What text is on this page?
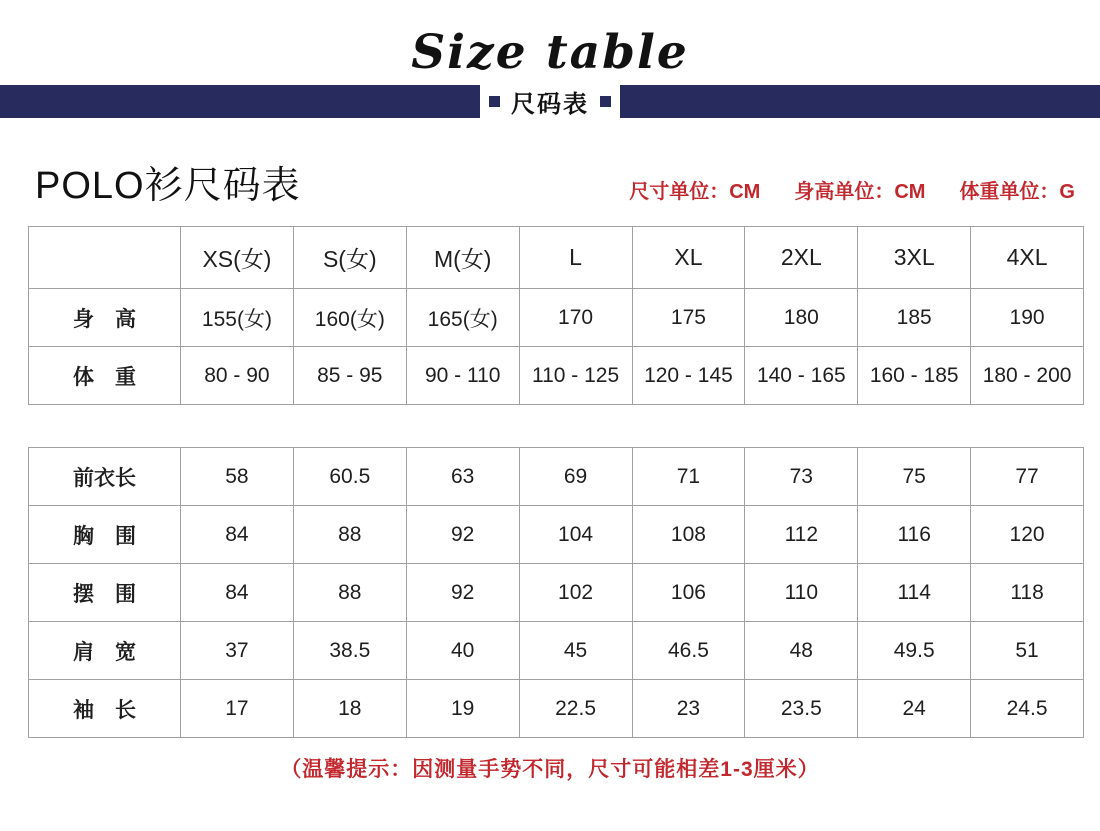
Size table
尺码表
POLO衫尺码表	尺寸单位：CM 身高单位：CM 体重单位：G
规　格
部　位	XS(女)	S(女)	M(女)	L	XL	2XL	3XL	4XL
身　高	155(女)	160(女)	165(女)	170	175	180	185	190
体　重	80 - 90	85 - 95	90 - 110	110 - 125	120 - 145	140 - 165	160 - 185	180 - 200
前衣长	58	60.5	63	69	71	73	75	77
胸　围	84	88	92	104	108	112	116	120
摆　围	84	88	92	102	106	110	114	118
肩　宽	37	38.5	40	45	46.5	48	49.5	51
袖　长	17	18	19	22.5	23	23.5	24	24.5
（温馨提示：因测量手势不同，尺寸可能相差1-3厘米）
